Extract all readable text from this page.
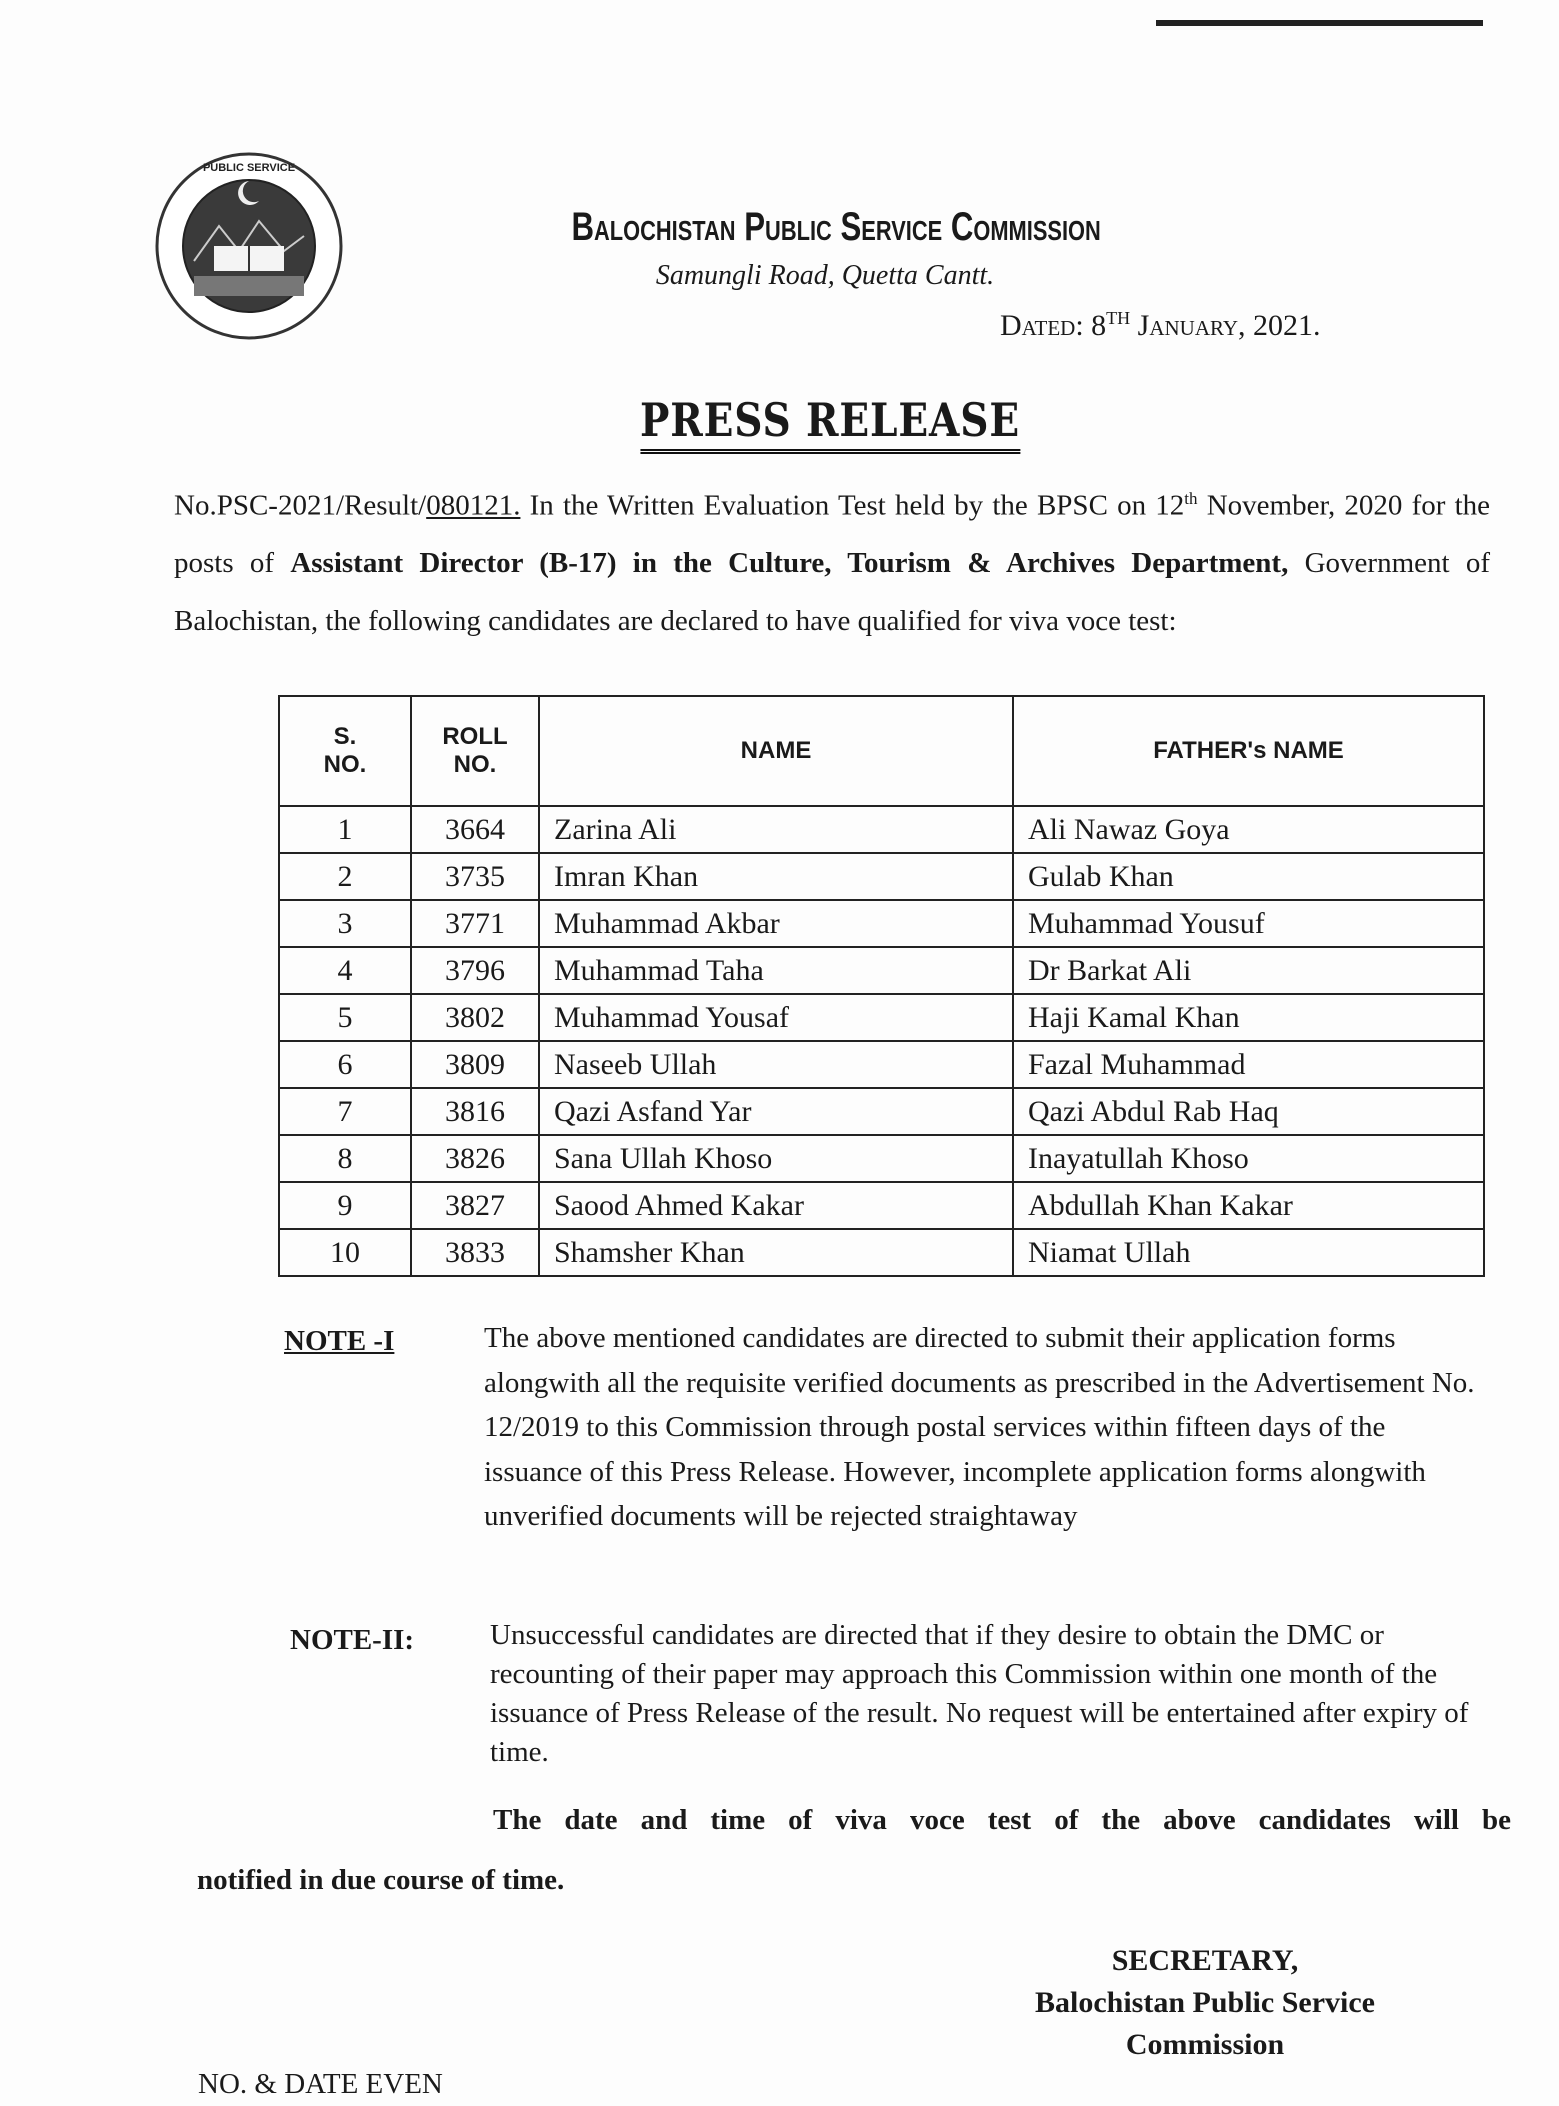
PUBLIC SERVICE
Balochistan Public Service Commission
Samungli Road, Quetta Cantt.
Dated: 8TH January, 2021.
PRESS RELEASE
No.PSC-2021/Result/080121. In the Written Evaluation Test held by the BPSC on 12th November, 2020 for the posts of Assistant Director (B-17) in the Culture, Tourism & Archives Department, Government of Balochistan, the following candidates are declared to have qualified for viva voce test:
S. NO.	ROLL NO.	NAME	FATHER's NAME
1	3664	Zarina Ali	Ali Nawaz Goya
2	3735	Imran Khan	Gulab Khan
3	3771	Muhammad Akbar	Muhammad Yousuf
4	3796	Muhammad Taha	Dr Barkat Ali
5	3802	Muhammad Yousaf	Haji Kamal Khan
6	3809	Naseeb Ullah	Fazal Muhammad
7	3816	Qazi Asfand Yar	Qazi Abdul Rab Haq
8	3826	Sana Ullah Khoso	Inayatullah Khoso
9	3827	Saood Ahmed Kakar	Abdullah Khan Kakar
10	3833	Shamsher Khan	Niamat Ullah
NOTE -I	The above mentioned candidates are directed to submit their application forms alongwith all the requisite verified documents as prescribed in the Advertisement No. 12/2019 to this Commission through postal services within fifteen days of the issuance of this Press Release. However, incomplete application forms alongwith unverified documents will be rejected straightaway
NOTE-II:	Unsuccessful candidates are directed that if they desire to obtain the DMC or recounting of their paper may approach this Commission within one month of the issuance of Press Release of the result. No request will be entertained after expiry of time.
The date and time of viva voce test of the above candidates will be
notified in due course of time.
SECRETARY,
Balochistan Public Service
Commission
NO. & DATE EVEN
